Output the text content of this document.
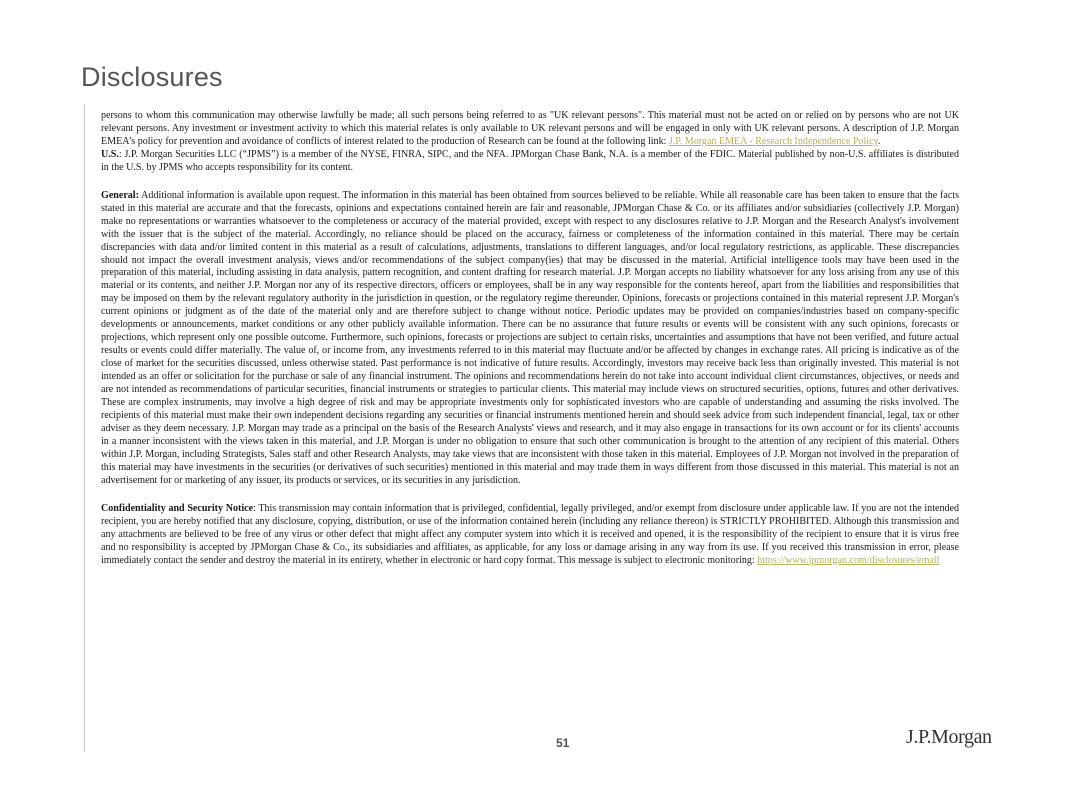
Disclosures

persons to whom this communication may otherwise lawfully be made; all such persons being referred to as "UK relevant persons". This material must not be acted on or relied on by persons who are not UK relevant persons. Any investment or investment activity to which this material relates is only available to UK relevant persons and will be engaged in only with UK relevant persons. A description of J.P. Morgan EMEA's policy for prevention and avoidance of conflicts of interest related to the production of Research can be found at the following link: J.P. Morgan EMEA - Research Independence Policy.

U.S.: J.P. Morgan Securities LLC (“JPMS”) is a member of the NYSE, FINRA, SIPC, and the NFA. JPMorgan Chase Bank, N.A. is a member of the FDIC. Material published by non-U.S. affiliates is distributed in the U.S. by JPMS who accepts responsibility for its content.

General: Additional information is available upon request. The information in this material has been obtained from sources believed to be reliable. While all reasonable care has been taken to ensure that the facts stated in this material are accurate and that the forecasts, opinions and expectations contained herein are fair and reasonable, JPMorgan Chase & Co. or its affiliates and/or subsidiaries (collectively J.P. Morgan) make no representations or warranties whatsoever to the completeness or accuracy of the material provided, except with respect to any disclosures relative to J.P. Morgan and the Research Analyst's involvement with the issuer that is the subject of the material. Accordingly, no reliance should be placed on the accuracy, fairness or completeness of the information contained in this material. There may be certain discrepancies with data and/or limited content in this material as a result of calculations, adjustments, translations to different languages, and/or local regulatory restrictions, as applicable. These discrepancies should not impact the overall investment analysis, views and/or recommendations of the subject company(ies) that may be discussed in the material. Artificial intelligence tools may have been used in the preparation of this material, including assisting in data analysis, pattern recognition, and content drafting for research material. J.P. Morgan accepts no liability whatsoever for any loss arising from any use of this material or its contents, and neither J.P. Morgan nor any of its respective directors, officers or employees, shall be in any way responsible for the contents hereof, apart from the liabilities and responsibilities that may be imposed on them by the relevant regulatory authority in the jurisdiction in question, or the regulatory regime thereunder. Opinions, forecasts or projections contained in this material represent J.P. Morgan's current opinions or judgment as of the date of the material only and are therefore subject to change without notice. Periodic updates may be provided on companies/industries based on company-specific developments or announcements, market conditions or any other publicly available information. There can be no assurance that future results or events will be consistent with any such opinions, forecasts or projections, which represent only one possible outcome. Furthermore, such opinions, forecasts or projections are subject to certain risks, uncertainties and assumptions that have not been verified, and future actual results or events could differ materially. The value of, or income from, any investments referred to in this material may fluctuate and/or be affected by changes in exchange rates. All pricing is indicative as of the close of market for the securities discussed, unless otherwise stated. Past performance is not indicative of future results. Accordingly, investors may receive back less than originally invested. This material is not intended as an offer or solicitation for the purchase or sale of any financial instrument. The opinions and recommendations herein do not take into account individual client circumstances, objectives, or needs and are not intended as recommendations of particular securities, financial instruments or strategies to particular clients. This material may include views on structured securities, options, futures and other derivatives. These are complex instruments, may involve a high degree of risk and may be appropriate investments only for sophisticated investors who are capable of understanding and assuming the risks involved. The recipients of this material must make their own independent decisions regarding any securities or financial instruments mentioned herein and should seek advice from such independent financial, legal, tax or other adviser as they deem necessary. J.P. Morgan may trade as a principal on the basis of the Research Analysts' views and research, and it may also engage in transactions for its own account or for its clients' accounts in a manner inconsistent with the views taken in this material, and J.P. Morgan is under no obligation to ensure that such other communication is brought to the attention of any recipient of this material. Others within J.P. Morgan, including Strategists, Sales staff and other Research Analysts, may take views that are inconsistent with those taken in this material. Employees of J.P. Morgan not involved in the preparation of this material may have investments in the securities (or derivatives of such securities) mentioned in this material and may trade them in ways different from those discussed in this material. This material is not an advertisement for or marketing of any issuer, its products or services, or its securities in any jurisdiction.

Confidentiality and Security Notice: This transmission may contain information that is privileged, confidential, legally privileged, and/or exempt from disclosure under applicable law. If you are not the intended recipient, you are hereby notified that any disclosure, copying, distribution, or use of the information contained herein (including any reliance thereon) is STRICTLY PROHIBITED. Although this transmission and any attachments are believed to be free of any virus or other defect that might affect any computer system into which it is received and opened, it is the responsibility of the recipient to ensure that it is virus free and no responsibility is accepted by JPMorgan Chase & Co., its subsidiaries and affiliates, as applicable, for any loss or damage arising in any way from its use. If you received this transmission in error, please immediately contact the sender and destroy the material in its entirety, whether in electronic or hard copy format. This message is subject to electronic monitoring: https://www.jpmorgan.com/disclosures/email

51	J.P.Morgan
